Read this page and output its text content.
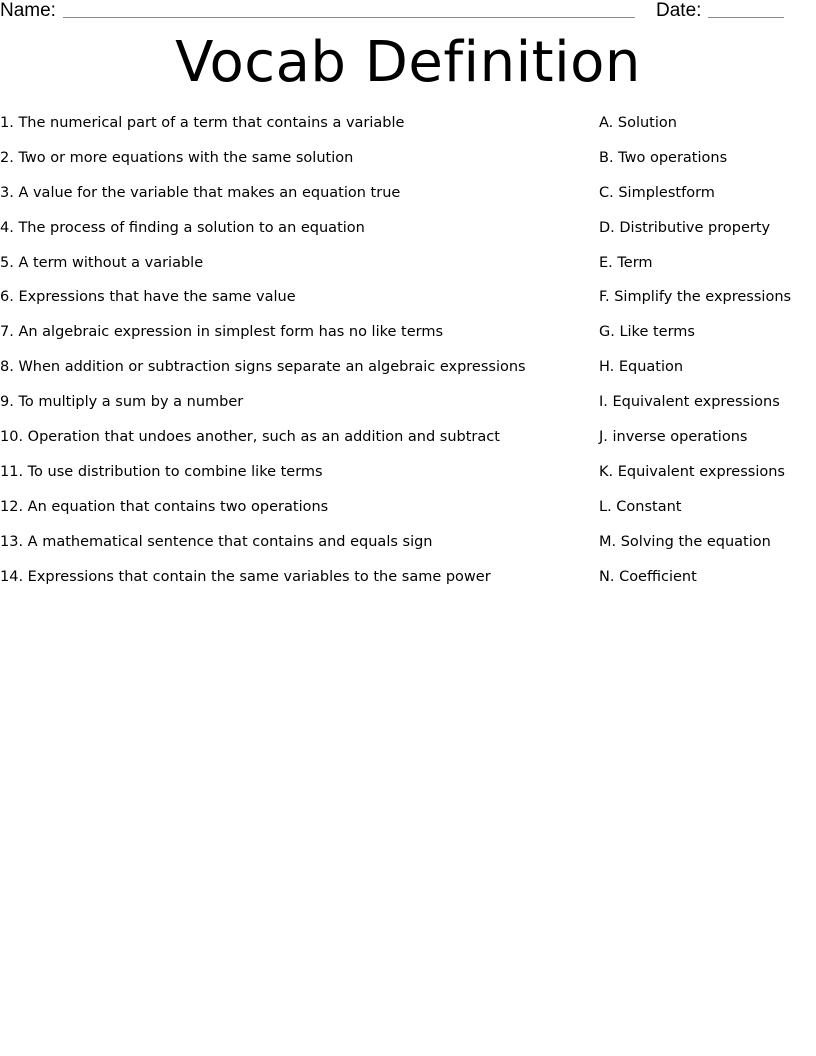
Name:	Date:
Vocab Definition
1. The numerical part of a term that contains a variable
2. Two or more equations with the same solution
3. A value for the variable that makes an equation true
4. The process of finding a solution to an equation
5. A term without a variable
6. Expressions that have the same value
7. An algebraic expression in simplest form has no like terms
8. When addition or subtraction signs separate an algebraic expressions
9. To multiply a sum by a number
10. Operation that undoes another, such as an addition and subtract
11. To use distribution to combine like terms
12. An equation that contains two operations
13. A mathematical sentence that contains and equals sign
14. Expressions that contain the same variables to the same power
A. Solution
B. Two operations
C. Simplestform
D. Distributive property
E. Term
F. Simplify the expressions
G. Like terms
H. Equation
I. Equivalent expressions
J. inverse operations
K. Equivalent expressions
L. Constant
M. Solving the equation
N. Coefficient
